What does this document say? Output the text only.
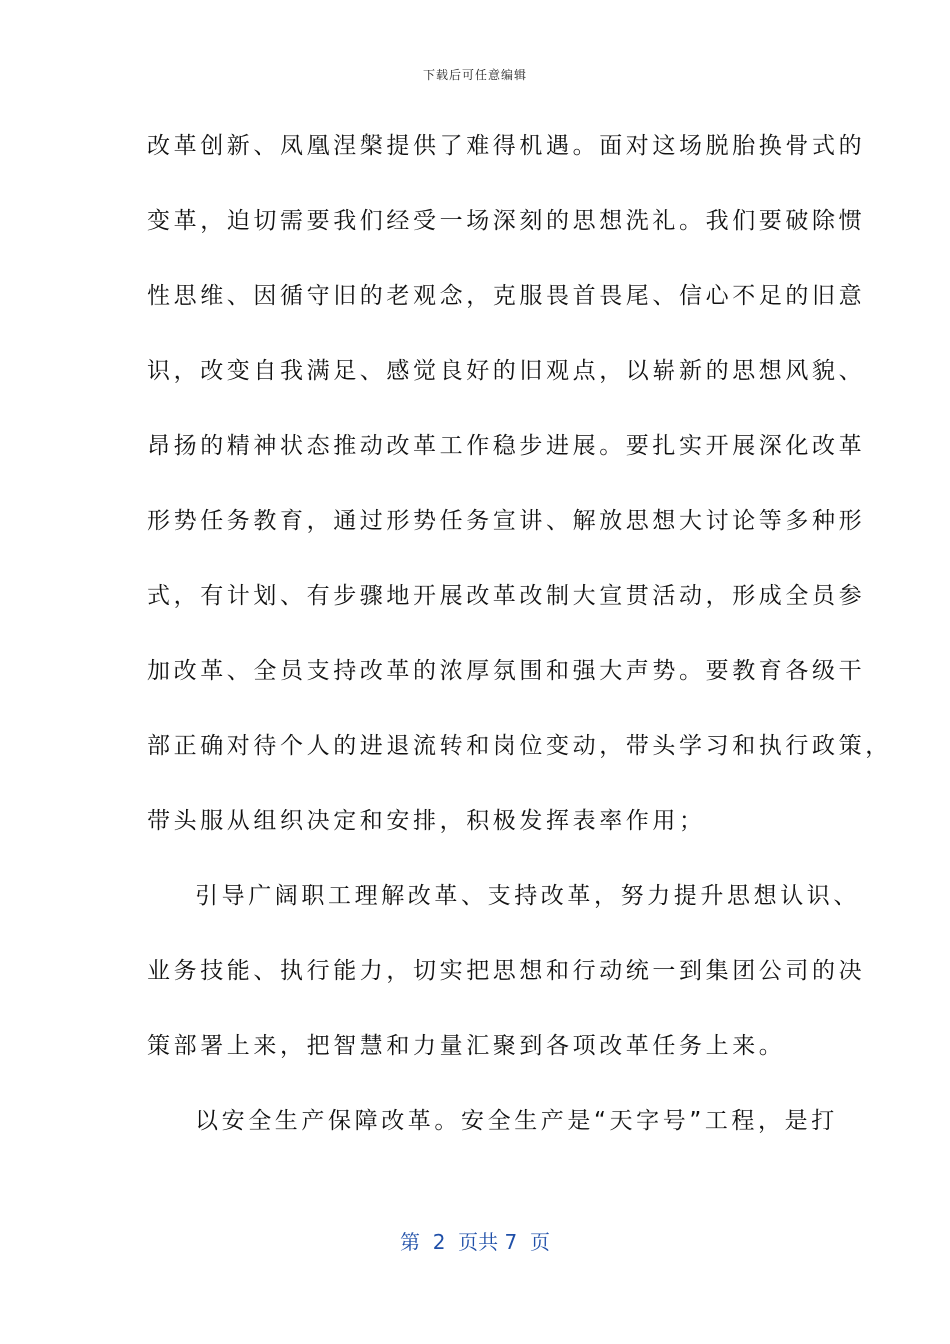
下载后可任意编辑
改革创新、凤凰涅槃提供了难得机遇。面对这场脱胎换骨式的
变革，迫切需要我们经受一场深刻的思想洗礼。我们要破除惯
性思维、因循守旧的老观念，克服畏首畏尾、信心不足的旧意
识，改变自我满足、感觉良好的旧观点，以崭新的思想风貌、
昂扬的精神状态推动改革工作稳步进展。要扎实开展深化改革
形势任务教育，通过形势任务宣讲、解放思想大讨论等多种形
式，有计划、有步骤地开展改革改制大宣贯活动，形成全员参
加改革、全员支持改革的浓厚氛围和强大声势。要教育各级干
部正确对待个人的进退流转和岗位变动，带头学习和执行政策，
带头服从组织决定和安排，积极发挥表率作用；
引导广阔职工理解改革、支持改革，努力提升思想认识、
业务技能、执行能力，切实把思想和行动统一到集团公司的决
策部署上来，把智慧和力量汇聚到各项改革任务上来。
以安全生产保障改革。安全生产是“天字号”工程，是打
第  2  页共 7  页
